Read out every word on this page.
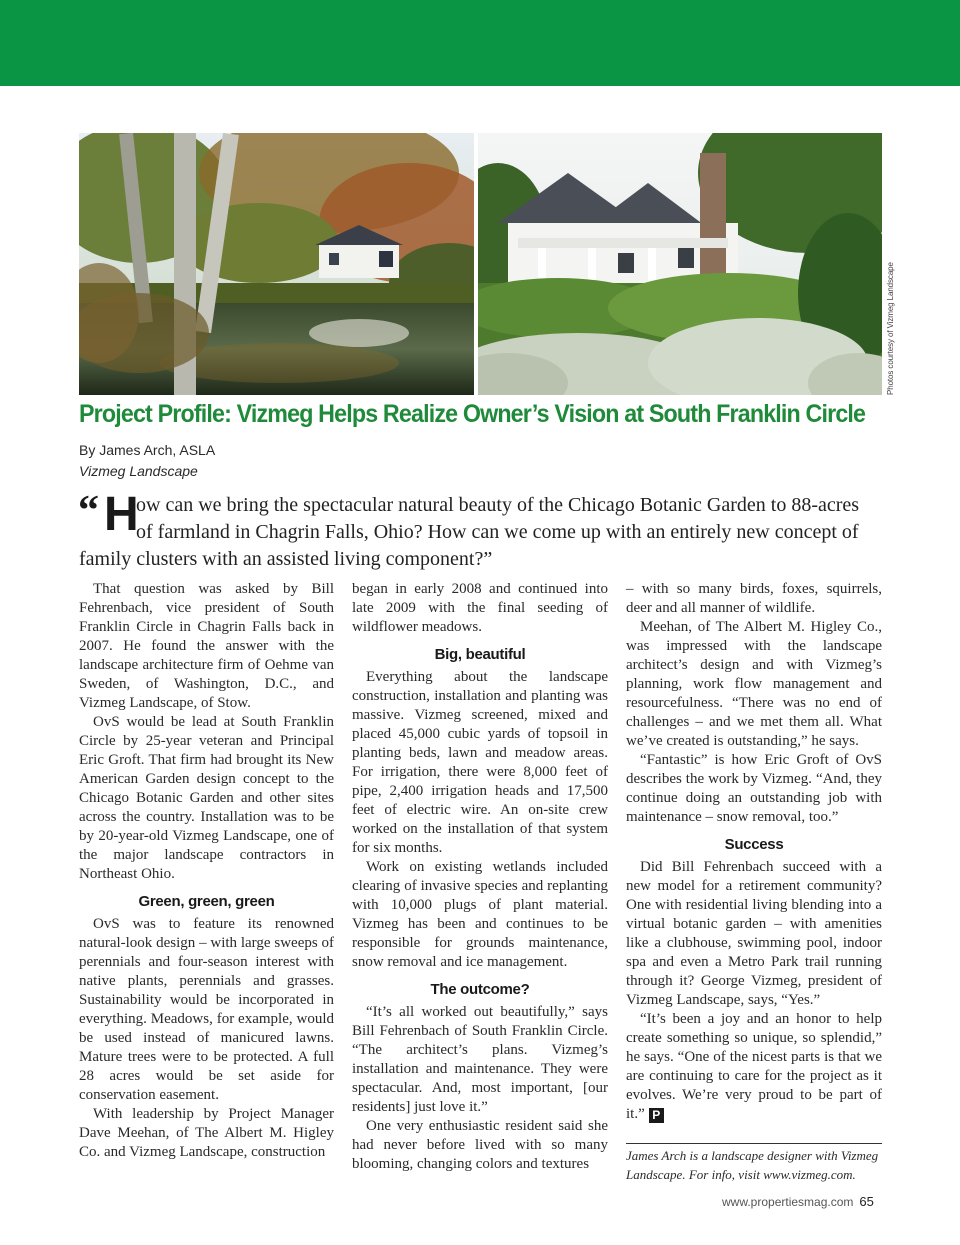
Photos courtesy of Vizmeg Landscape
Project Profile: Vizmeg Helps Realize Owner’s Vision at South Franklin Circle
By James Arch, ASLA
Vizmeg Landscape
“ H
ow can we bring the spectacular natural beauty of the Chicago Botanic Garden to 88-acres
of farmland in Chagrin Falls, Ohio? How can we come up with an entirely new concept of
family clusters with an assisted living component?”

That question was asked by Bill Fehrenbach, vice president of South Franklin Circle in Chagrin Falls back in 2007. He found the answer with the landscape architecture firm of Oehme van Sweden, of Washington, D.C., and Vizmeg Landscape, of Stow.

OvS would be lead at South Franklin Circle by 25-year veteran and Principal Eric Groft. That firm had brought its New American Garden design concept to the Chicago Botanic Garden and other sites across the country. Installation was to be by 20-year-old Vizmeg Landscape, one of the major landscape contractors in Northeast Ohio.

Green, green, green

OvS was to feature its renowned natural-look design – with large sweeps of perennials and four-season interest with native plants, perennials and grasses. Sustainability would be incorporated in everything. Meadows, for example, would be used instead of manicured lawns. Mature trees were to be protected. A full 28 acres would be set aside for conservation easement.

With leadership by Project Manager Dave Meehan, of The Albert M. Higley Co. and Vizmeg Landscape, construction

began in early 2008 and continued into late 2009 with the final seeding of wildflower meadows.

Big, beautiful

Everything about the landscape construction, installation and planting was massive. Vizmeg screened, mixed and placed 45,000 cubic yards of topsoil in planting beds, lawn and meadow areas. For irrigation, there were 8,000 feet of pipe, 2,400 irrigation heads and 17,500 feet of electric wire. An on-site crew worked on the installation of that system for six months.

Work on existing wetlands included clearing of invasive species and replanting with 10,000 plugs of plant material. Vizmeg has been and continues to be responsible for grounds maintenance, snow removal and ice management.

The outcome?

“It’s all worked out beautifully,” says Bill Fehrenbach of South Franklin Circle. “The architect’s plans. Vizmeg’s installation and maintenance. They were spectacular. And, most important, [our residents] just love it.”

One very enthusiastic resident said she had never before lived with so many blooming, changing colors and textures

– with so many birds, foxes, squirrels, deer and all manner of wildlife.

Meehan, of The Albert M. Higley Co., was impressed with the landscape architect’s design and with Vizmeg’s planning, work flow management and resourcefulness. “There was no end of challenges – and we met them all. What we’ve created is outstanding,” he says.

“Fantastic” is how Eric Groft of OvS describes the work by Vizmeg. “And, they continue doing an outstanding job with maintenance – snow removal, too.”

Success

Did Bill Fehrenbach succeed with a new model for a retirement community? One with residential living blending into a virtual botanic garden – with amenities like a clubhouse, swimming pool, indoor spa and even a Metro Park trail running through it? George Vizmeg, president of Vizmeg Landscape, says, “Yes.”

“It’s been a joy and an honor to help create something so unique, so splendid,” he says. “One of the nicest parts is that we are continuing to care for the project as it evolves. We’re very proud to be part of it.” P

James Arch is a landscape designer with Vizmeg Landscape. For info, visit www.vizmeg.com.
www.propertiesmag.com 65
